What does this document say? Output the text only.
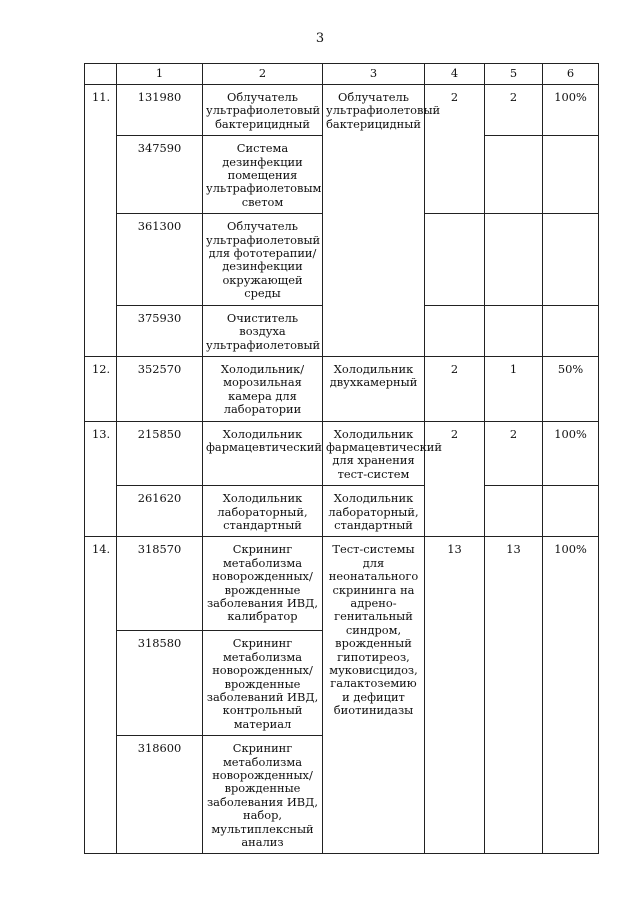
3
	1	2	3	4	5	6
11.	131980	Облучатель ультрафиолетовый бактерицидный	Облучатель ультрафиолетовый бактерицидный	2	2	100%
	347590	Система дезинфекции помещения ультрафиолетовым светом				
	361300	Облучатель ультрафиолетовый для фототерапии/ дезинфекции окружающей среды				
	375930	Очиститель воздуха ультрафиолетовый				
12.	352570	Холодильник/ морозильная камера для лаборатории	Холодильник двухкамерный	2	1	50%
13.	215850	Холодильник фармацевтический	Холодильник фармацевтический для хранения тест-систем	2	2	100%
	261620	Холодильник лабораторный, стандартный	Холодильник лабораторный, стандартный			
14.	318570	Скрининг метаболизма новорожденных/ врожденные заболевания ИВД, калибратор	Тест-системы для неонатального скрининга на адрено-генитальный синдром, врожденный гипотиреоз, муковисцидоз, галактоземию и дефицит биотинидазы	13	13	100%
	318580	Скрининг метаболизма новорожденных/ врожденные заболеваний ИВД, контрольный материал				
	318600	Скрининг метаболизма новорожденных/ врожденные заболевания ИВД, набор, мультиплексный анализ				
